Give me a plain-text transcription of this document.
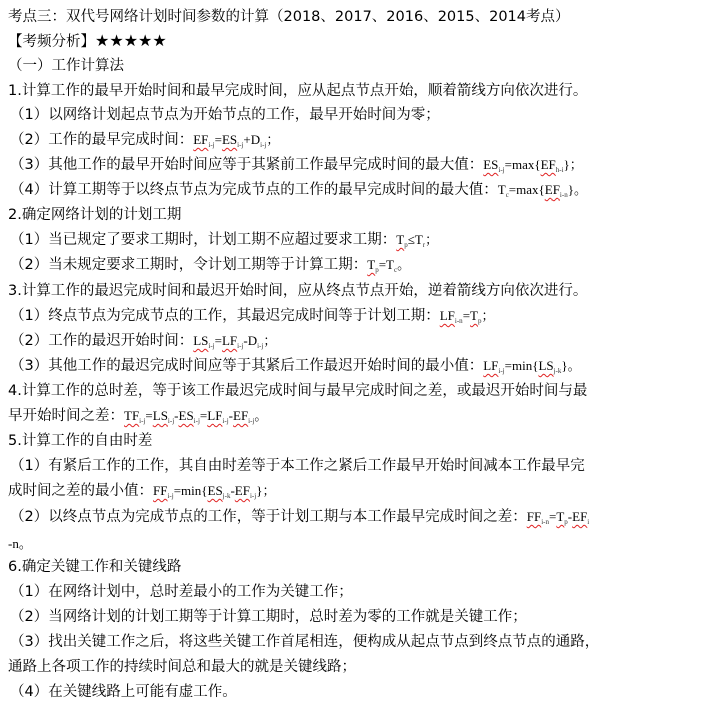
考点三：双代号网络计划时间参数的计算（2018、2017、2016、2015、2014考点）
【考频分析】★★★★★
（一）工作计算法
1.计算工作的最早开始时间和最早完成时间，应从起点节点开始，顺着箭线方向依次进行。
（1）以网络计划起点节点为开始节点的工作，最早开始时间为零；
（2）工作的最早完成时间：$EF_{i-j}=ES_{i-j}+D_{i-j}$；
（3）其他工作的最早开始时间应等于其紧前工作最早完成时间的最大值：$ES_{i-j}=\max\{EF_{h-i}\}$；
（4）计算工期等于以终点节点为完成节点的工作的最早完成时间的最大值：$T_c=\max\{EF_{i-n}\}$。
2.确定网络计划的计划工期
（1）当已规定了要求工期时，计划工期不应超过要求工期：$T_p\le T_r$；
（2）当未规定要求工期时，令计划工期等于计算工期：$T_p=T_c$。
3.计算工作的最迟完成时间和最迟开始时间，应从终点节点开始，逆着箭线方向依次进行。
（1）终点节点为完成节点的工作，其最迟完成时间等于计划工期：$LF_{i-n}=T_p$；
（2）工作的最迟开始时间：$LS_{i-j}=LF_{i-j}-D_{i-j}$；
（3）其他工作的最迟完成时间应等于其紧后工作最迟开始时间的最小值：$LF_{i-j}=\min\{LS_{j-k}\}$。
4.计算工作的总时差，等于该工作最迟完成时间与最早完成时间之差，或最迟开始时间与最
早开始时间之差：$TF_{i-j}=LS_{i-j}-ES_{i-j}=LF_{i-j}-EF_{i-j}$。
5.计算工作的自由时差
（1）有紧后工作的工作，其自由时差等于本工作之紧后工作最早开始时间减本工作最早完
成时间之差的最小值：$FF_{i-j}=\min\{ES_{j-k}-EF_{i-j}\}$；
（2）以终点节点为完成节点的工作，等于计划工期与本工作最早完成时间之差：$FF_{i-n}=T_p-EF_i$
-n。
6.确定关键工作和关键线路
（1）在网络计划中，总时差最小的工作为关键工作；
（2）当网络计划的计划工期等于计算工期时，总时差为零的工作就是关键工作；
（3）找出关键工作之后，将这些关键工作首尾相连，便构成从起点节点到终点节点的通路，
通路上各项工作的持续时间总和最大的就是关键线路；
（4）在关键线路上可能有虚工作。
